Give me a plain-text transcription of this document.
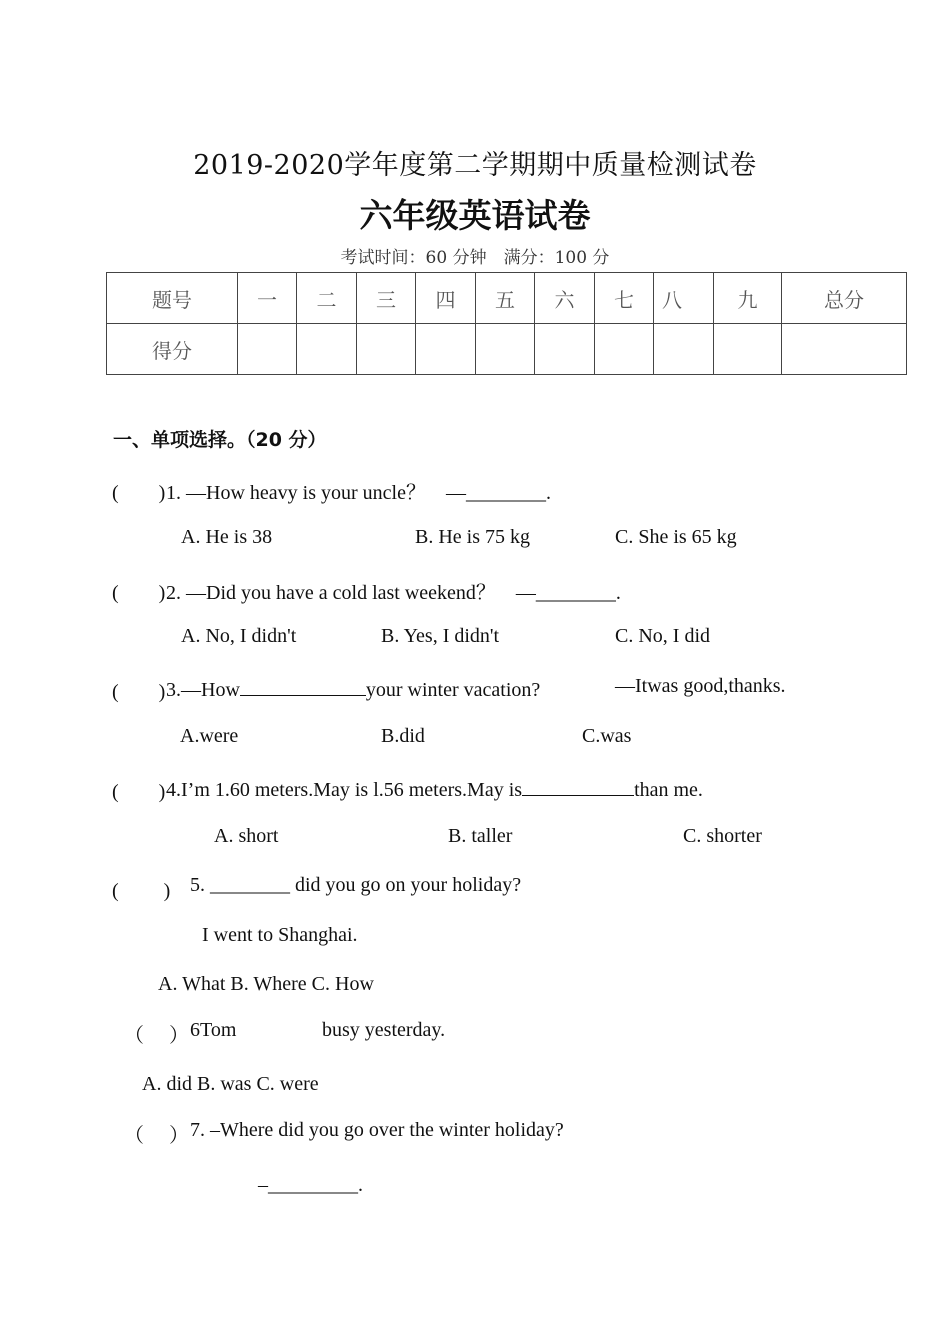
2019-2020学年度第二学期期中质量检测试卷
六年级英语试卷
考试时间：60 分钟　满分：100 分
题号	一	二	三	四	五	六	七	八	九	总分
得分										
一、单项选择。（20 分）
(　　) 1. —How heavy is your uncle？　—________.
A. He is 38	B. He is 75 kg	C. She is 65 kg
(　　) 2. —Did you have a cold last weekend？　—________.
A. No, I didn't	B. Yes, I didn't	C. No, I did
(　　) 3.—How	your winter vacation?	—Itwas good,thanks.
A.were	B.did	C.was
(　　) 4.I’m 1.60 meters.May is l.56 meters.May is	than me.
A. short	B. taller	C. shorter
(　　 ) 5. ________ did you go on your holiday?
I went to Shanghai.
A. What B. Where C. How
（　 ） 6Tom	busy yesterday.
A. did B. was C. were
（　 ） 7. –Where did you go over the winter holiday?
–_________.
